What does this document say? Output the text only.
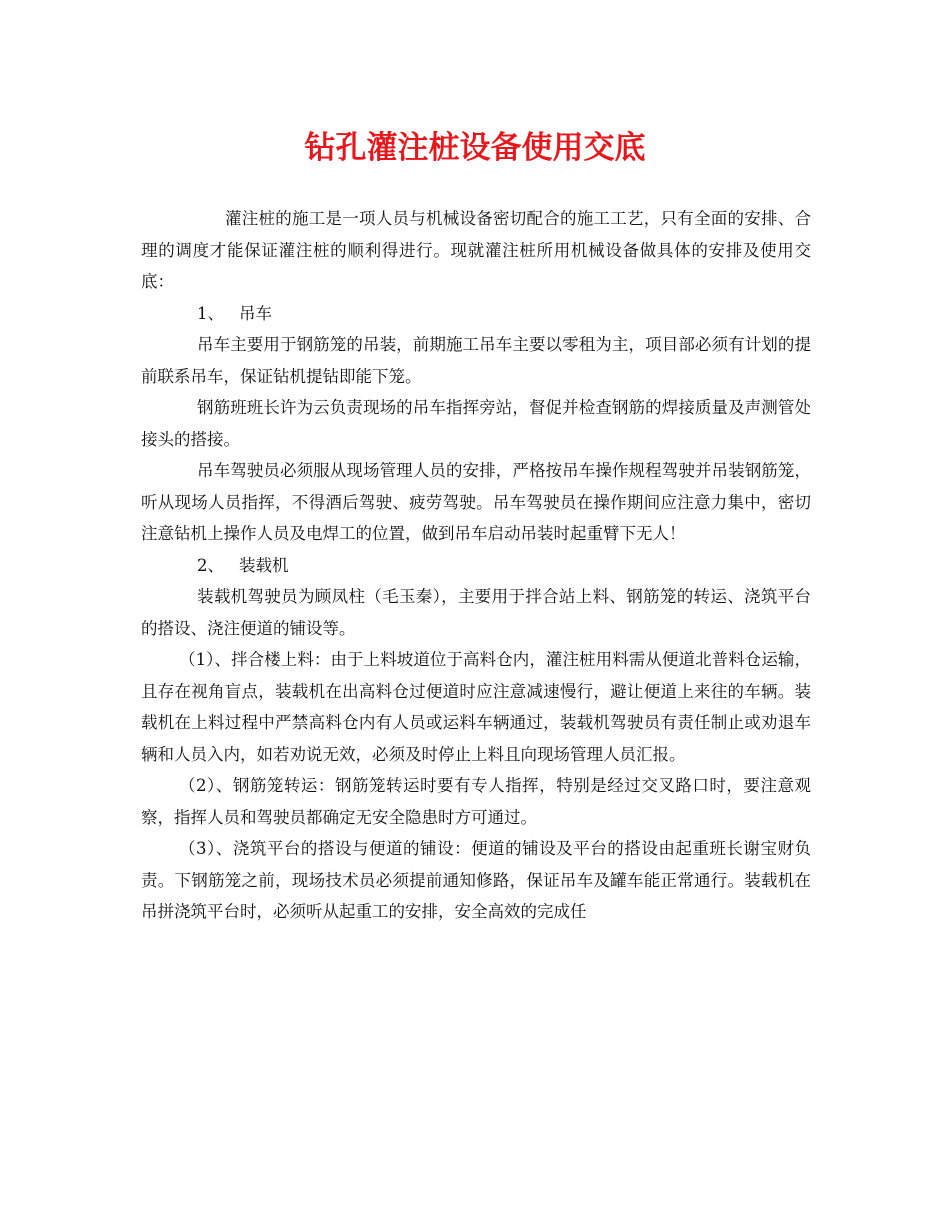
钻孔灌注桩设备使用交底

灌注桩的施工是一项人员与机械设备密切配合的施工工艺，只有全面的安排、合理的调度才能保证灌注桩的顺利得进行。现就灌注桩所用机械设备做具体的安排及使用交底：

1、 吊车

吊车主要用于钢筋笼的吊装，前期施工吊车主要以零租为主，项目部必须有计划的提前联系吊车，保证钻机提钻即能下笼。

钢筋班班长许为云负责现场的吊车指挥旁站，督促并检查钢筋的焊接质量及声测管处接头的搭接。

吊车驾驶员必须服从现场管理人员的安排，严格按吊车操作规程驾驶并吊装钢筋笼，听从现场人员指挥，不得酒后驾驶、疲劳驾驶。吊车驾驶员在操作期间应注意力集中，密切注意钻机上操作人员及电焊工的位置，做到吊车启动吊装时起重臂下无人！

2、 装载机

装载机驾驶员为顾凤柱（毛玉秦），主要用于拌合站上料、钢筋笼的转运、浇筑平台的搭设、浇注便道的铺设等。

（1）、拌合楼上料：由于上料坡道位于高料仓内，灌注桩用料需从便道北普料仓运输，且存在视角盲点，装载机在出高料仓过便道时应注意减速慢行，避让便道上来往的车辆。装载机在上料过程中严禁高料仓内有人员或运料车辆通过，装载机驾驶员有责任制止或劝退车辆和人员入内，如若劝说无效，必须及时停止上料且向现场管理人员汇报。

（2）、钢筋笼转运：钢筋笼转运时要有专人指挥，特别是经过交叉路口时，要注意观察，指挥人员和驾驶员都确定无安全隐患时方可通过。

（3）、浇筑平台的搭设与便道的铺设：便道的铺设及平台的搭设由起重班长谢宝财负责。下钢筋笼之前，现场技术员必须提前通知修路，保证吊车及罐车能正常通行。装载机在吊拼浇筑平台时，必须听从起重工的安排，安全高效的完成任
